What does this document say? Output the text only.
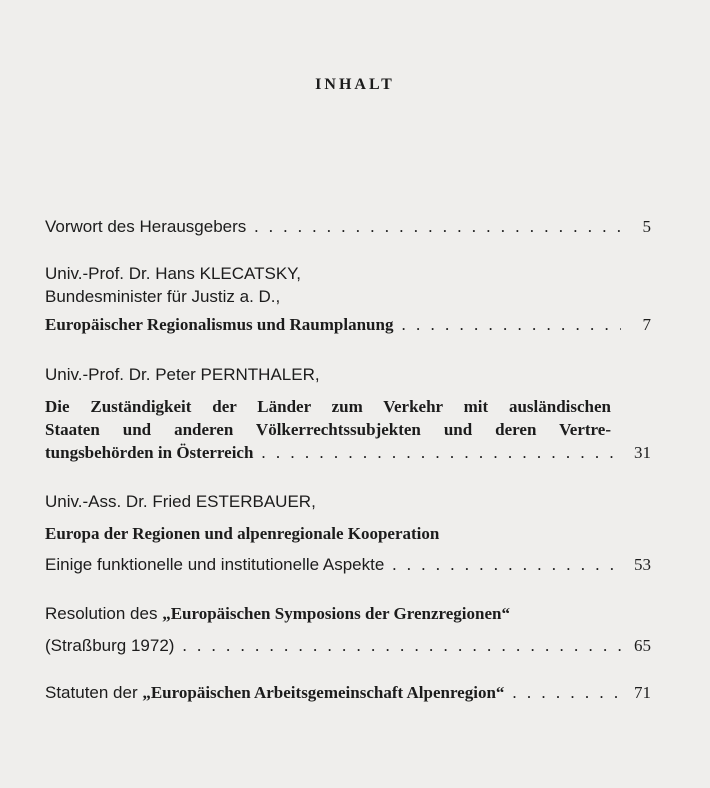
INHALT
Vorwort des Herausgebers . . .	5
Univ.-Prof. Dr. Hans KLECATSKY,
Bundesminister für Justiz a. D.,
Europäischer Regionalismus und Raumplanung . . .	7
Univ.-Prof. Dr. Peter PERNTHALER,
Die Zuständigkeit der Länder zum Verkehr mit ausländischen
Staaten und anderen Völkerrechtssubjekten und deren Vertre-
tungsbehörden in Österreich . . .	31
Univ.-Ass. Dr. Fried ESTERBAUER,
Europa der Regionen und alpenregionale Kooperation
Einige funktionelle und institutionelle Aspekte . . .	53
Resolution des „Europäischen Symposions der Grenzregionen“
(Straßburg 1972) . . .	65
Statuten der „Europäischen Arbeitsgemeinschaft Alpenregion“ . . .	71
